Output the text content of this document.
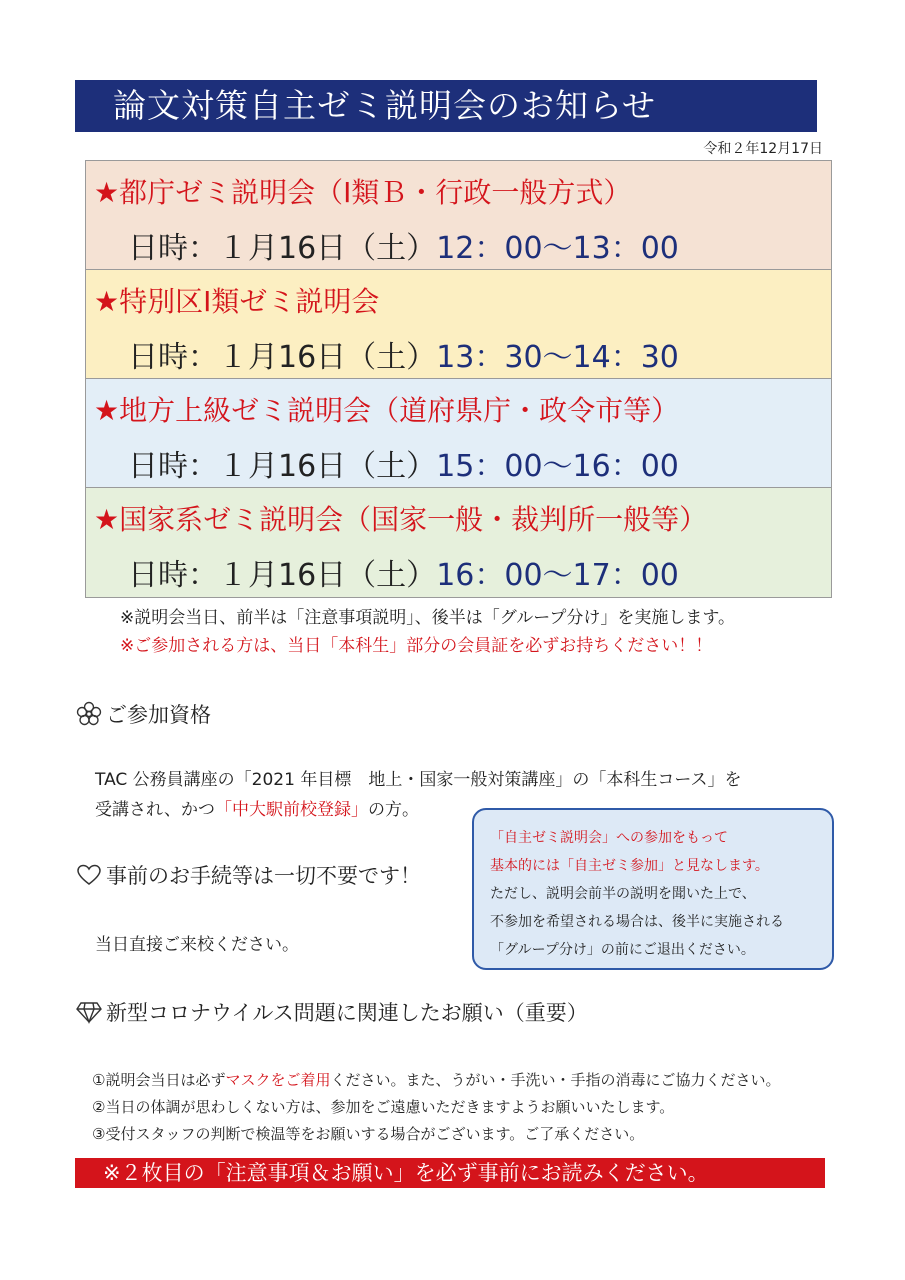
論文対策自主ゼミ説明会のお知らせ
令和２年12月17日
★都庁ゼミ説明会（Ⅰ類Ｂ・行政一般方式）
日時：１月16日（土）12：00～13：00
★特別区Ⅰ類ゼミ説明会
日時：１月16日（土）13：30～14：30
★地方上級ゼミ説明会（道府県庁・政令市等）
日時：１月16日（土）15：00～16：00
★国家系ゼミ説明会（国家一般・裁判所一般等）
日時：１月16日（土）16：00～17：00
※説明会当日、前半は「注意事項説明」、後半は「グループ分け」を実施します。
※ご参加される方は、当日「本科生」部分の会員証を必ずお持ちください！！
ご参加資格
TAC 公務員講座の「2021 年目標　地上・国家一般対策講座」の「本科生コース」を
受講され、かつ「中大駅前校登録」の方。
事前のお手続等は一切不要です！
当日直接ご来校ください。
「自主ゼミ説明会」への参加をもって
基本的には「自主ゼミ参加」と見なします。
ただし、説明会前半の説明を聞いた上で、
不参加を希望される場合は、後半に実施される
「グループ分け」の前にご退出ください。
新型コロナウイルス問題に関連したお願い（重要）
①説明会当日は必ずマスクをご着用ください。また、うがい・手洗い・手指の消毒にご協力ください。
②当日の体調が思わしくない方は、参加をご遠慮いただきますようお願いいたします。
③受付スタッフの判断で検温等をお願いする場合がございます。ご了承ください。
※２枚目の「注意事項＆お願い」を必ず事前にお読みください。
